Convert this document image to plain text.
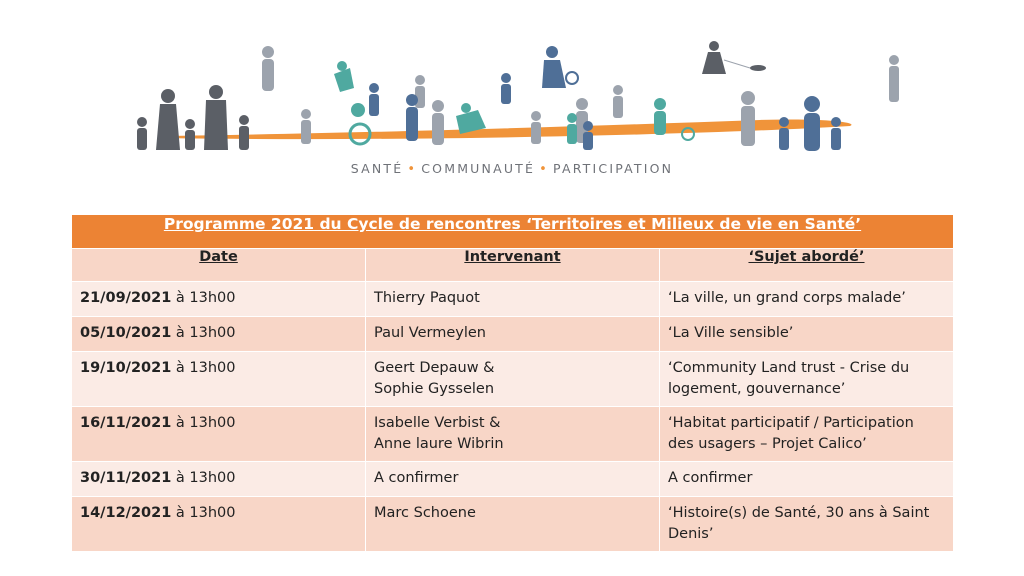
SANTÉ • COMMUNAUTÉ • PARTICIPATION
Programme 2021 du Cycle de rencontres ‘Territoires et Milieux de vie en Santé’		
Date	Intervenant	‘Sujet abordé’
21/09/2021 à 13h00	Thierry Paquot	‘La ville, un grand corps malade’

05/10/2021 à 13h00	Paul Vermeylen	‘La Ville sensible’

19/10/2021 à 13h00	Geert Depauw &
Sophie Gysselen	‘Community Land trust - Crise du
logement, gouvernance’

16/11/2021 à 13h00	Isabelle Verbist &
Anne laure Wibrin	‘Habitat participatif / Participation
des usagers – Projet Calico’

30/11/2021 à 13h00	A confirmer	A confirmer

14/12/2021 à 13h00	Marc Schoene	‘Histoire(s) de Santé, 30 ans à Saint
Denis’
